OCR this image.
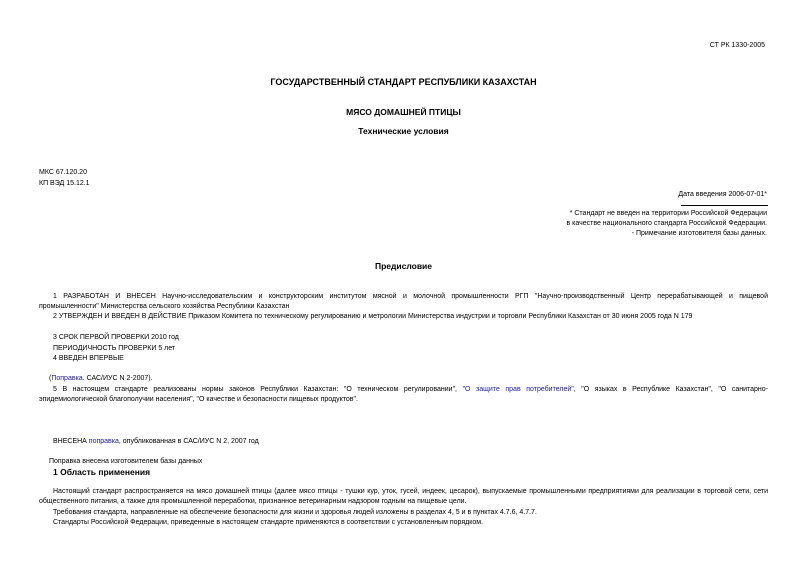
СТ РК 1330-2005
ГОСУДАРСТВЕННЫЙ СТАНДАРТ РЕСПУБЛИКИ КАЗАХСТАН
МЯСО ДОМАШНЕЙ ПТИЦЫ
Технические условия
МКС 67.120.20
КП ВЭД 15.12.1
Дата введения 2006-07-01*
* Стандарт не введен на территории Российской Федерации
в качестве национального стандарта Российской Федерации.
- Примечание изготовителя базы данных.
Предисловие
1 РАЗРАБОТАН И ВНЕСЕН Научно-исследовательским и конструкторским институтом мясной и молочной промышленности РГП "Научно-производственный Центр перерабатывающей и пищевой
промышленности" Министерства сельского хозяйства Республики Казахстан
2 УТВЕРЖДЕН И ВВЕДЕН В ДЕЙСТВИЕ Приказом Комитета по техническому регулированию и метрологии Министерства индустрии и торговли Республики Казахстан от 30 июня 2005 года N 179
3 СРОК ПЕРВОЙ ПРОВЕРКИ 2010 год
ПЕРИОДИЧНОСТЬ ПРОВЕРКИ 5 лет
4 ВВЕДЕН ВПЕРВЫЕ
(Поправка. САС/ИУС N 2-2007).
5 В настоящем стандарте реализованы нормы законов Республики Казахстан: "О техническом регулировании", "О защите прав потребителей", "О языках в Республике Казахстан", "О санитарно-
эпидемиологической благополучии населения", "О качестве и безопасности пищевых продуктов".
ВНЕСЕНА поправка, опубликованная в САС/ИУС N 2, 2007 год
Поправка внесена изготовителем базы данных
1 Область применения
Настоящий стандарт распространяется на мясо домашней птицы (далее мясо птицы - тушки кур, уток, гусей, индеек, цесарок), выпускаемые промышленными предприятиями для реализации в торговой сети, сети
общественного питания, а также для промышленной переработки, признанное ветеринарным надзором годным на пищевые цели.
Требования стандарта, направленные на обеспечение безопасности для жизни и здоровья людей изложены в разделах 4, 5 и в пунктах 4.7.6, 4.7.7.
Стандарты Российской Федерации, приведенные в настоящем стандарте применяются в соответствии с установленным порядком.
